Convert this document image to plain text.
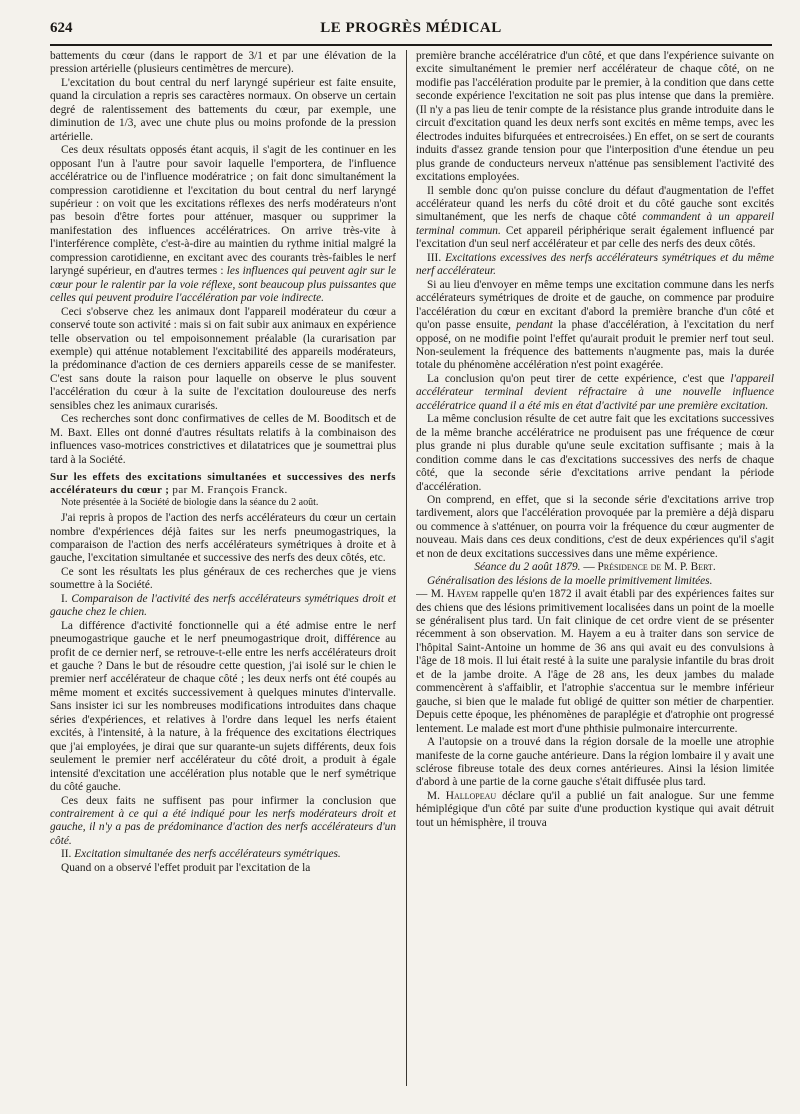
624	LE PROGRÈS MÉDICAL

battements du cœur (dans le rapport de 3/1 et par une élévation de la pression artérielle (plusieurs centimètres de mercure).

L'excitation du bout central du nerf laryngé supérieur est faite ensuite, quand la circulation a repris ses caractères normaux. On observe un certain degré de ralentissement des battements du cœur, par exemple, une diminution de 1/3, avec une chute plus ou moins profonde de la pression artérielle.

Ces deux résultats opposés étant acquis, il s'agit de les continuer en les opposant l'un à l'autre pour savoir laquelle l'emportera, de l'influence accélératrice ou de l'influence modératrice ; on fait donc simultanément la compression carotidienne et l'excitation du bout central du nerf laryngé supérieur : on voit que les excitations réflexes des nerfs modérateurs n'ont pas besoin d'être fortes pour atténuer, masquer ou supprimer la manifestation des influences accélératrices. On arrive très-vite à l'interférence complète, c'est-à-dire au maintien du rythme initial malgré la compression carotidienne, en excitant avec des courants très-faibles le nerf laryngé supérieur, en d'autres termes : les influences qui peuvent agir sur le cœur pour le ralentir par la voie réflexe, sont beaucoup plus puissantes que celles qui peuvent produire l'accélération par voie indirecte.

Ceci s'observe chez les animaux dont l'appareil modérateur du cœur a conservé toute son activité : mais si on fait subir aux animaux en expérience telle observation ou tel empoisonnement préalable (la curarisation par exemple) qui atténue notablement l'excitabilité des appareils modérateurs, la prédominance d'action de ces derniers appareils cesse de se manifester. C'est sans doute la raison pour laquelle on observe le plus souvent l'accélération du cœur à la suite de l'excitation douloureuse des nerfs sensibles chez les animaux curarisés.

Ces recherches sont donc confirmatives de celles de M. Booditsch et de M. Baxt. Elles ont donné d'autres résultats relatifs à la combinaison des influences vaso-motrices constrictives et dilatatrices que je soumettrai plus tard à la Société.

Sur les effets des excitations simultanées et successives des nerfs accélérateurs du cœur ; par M. François Franck.

Note présentée à la Société de biologie dans la séance du 2 août.

J'ai repris à propos de l'action des nerfs accélérateurs du cœur un certain nombre d'expériences déjà faites sur les nerfs pneumogastriques, la comparaison de l'action des nerfs accélérateurs symétriques à droite et à gauche, l'excitation simultanée et successive des nerfs des deux côtés, etc.

Ce sont les résultats les plus généraux de ces recherches que je viens soumettre à la Société.

I. Comparaison de l'activité des nerfs accélérateurs symétriques droit et gauche chez le chien.

La différence d'activité fonctionnelle qui a été admise entre le nerf pneumogastrique gauche et le nerf pneumogastrique droit, différence au profit de ce dernier nerf, se retrouve-t-elle entre les nerfs accélérateurs droit et gauche ? Dans le but de résoudre cette question, j'ai isolé sur le chien le premier nerf accélérateur de chaque côté ; les deux nerfs ont été coupés au même moment et excités successivement à quelques minutes d'intervalle. Sans insister ici sur les nombreuses modifications introduites dans chaque séries d'expériences, et relatives à l'ordre dans lequel les nerfs étaient excités, à l'intensité, à la nature, à la fréquence des excitations électriques que j'ai employées, je dirai que sur quarante-un sujets différents, deux fois seulement le premier nerf accélérateur du côté droit, a produit à égale intensité d'excitation une accélération plus notable que le nerf symétrique du côté gauche.

Ces deux faits ne suffisent pas pour infirmer la conclusion que contrairement à ce qui a été indiqué pour les nerfs modérateurs droit et gauche, il n'y a pas de prédominance d'action des nerfs accélérateurs d'un côté.

II. Excitation simultanée des nerfs accélérateurs symétriques.

Quand on a observé l'effet produit par l'excitation de la

première branche accélératrice d'un côté, et que dans l'expérience suivante on excite simultanément le premier nerf accélérateur de chaque côté, on ne modifie pas l'accélération produite par le premier, à la condition que dans cette seconde expérience l'excitation ne soit pas plus intense que dans la première. (Il n'y a pas lieu de tenir compte de la résistance plus grande introduite dans le circuit d'excitation quand les deux nerfs sont excités en même temps, avec les électrodes induites bifurquées et entrecroisées.) En effet, on se sert de courants induits d'assez grande tension pour que l'interposition d'une étendue un peu plus grande de conducteurs nerveux n'atténue pas sensiblement l'activité des excitations employées.

Il semble donc qu'on puisse conclure du défaut d'augmentation de l'effet accélérateur quand les nerfs du côté droit et du côté gauche sont excités simultanément, que les nerfs de chaque côté commandent à un appareil terminal commun. Cet appareil périphérique serait également influencé par l'excitation d'un seul nerf accélérateur et par celle des nerfs des deux côtés.

III. Excitations excessives des nerfs accélérateurs symétriques et du même nerf accélérateur.

Si au lieu d'envoyer en même temps une excitation commune dans les nerfs accélérateurs symétriques de droite et de gauche, on commence par produire l'accélération du cœur en excitant d'abord la première branche d'un côté et qu'on passe ensuite, pendant la phase d'accélération, à l'excitation du nerf opposé, on ne modifie point l'effet qu'aurait produit le premier nerf tout seul. Non-seulement la fréquence des battements n'augmente pas, mais la durée totale du phénomène accélération n'est point exagérée.

La conclusion qu'on peut tirer de cette expérience, c'est que l'appareil accélérateur terminal devient réfractaire à une nouvelle influence accélératrice quand il a été mis en état d'activité par une première excitation.

La même conclusion résulte de cet autre fait que les excitations successives de la même branche accélératrice ne produisent pas une fréquence de cœur plus grande ni plus durable qu'une seule excitation suffisante ; mais à la condition comme dans le cas d'excitations successives des nerfs de chaque côté, que la seconde série d'excitations arrive pendant la période d'accélération.

On comprend, en effet, que si la seconde série d'excitations arrive trop tardivement, alors que l'accélération provoquée par la première a déjà disparu ou commence à s'atténuer, on pourra voir la fréquence du cœur augmenter de nouveau. Mais dans ces deux conditions, c'est de deux expériences qu'il s'agit et non de deux excitations successives dans une même expérience.

Séance du 2 août 1879. — Présidence de M. P. Bert.

Généralisation des lésions de la moelle primitivement limitées.

— M. Hayem rappelle qu'en 1872 il avait établi par des expériences faites sur des chiens que des lésions primitivement localisées dans un point de la moelle se généralisent plus tard. Un fait clinique de cet ordre vient de se présenter récemment à son observation. M. Hayem a eu à traiter dans son service de l'hôpital Saint-Antoine un homme de 36 ans qui avait eu des convulsions à l'âge de 18 mois. Il lui était resté à la suite une paralysie infantile du bras droit et de la jambe droite. A l'âge de 28 ans, les deux jambes du malade commencèrent à s'affaiblir, et l'atrophie s'accentua sur le membre inférieur gauche, si bien que le malade fut obligé de quitter son métier de charpentier. Depuis cette époque, les phénomènes de paraplégie et d'atrophie ont progressé lentement. Le malade est mort d'une phthisie pulmonaire intercurrente.

A l'autopsie on a trouvé dans la région dorsale de la moelle une atrophie manifeste de la corne gauche antérieure. Dans la région lombaire il y avait une sclérose fibreuse totale des deux cornes antérieures. Ainsi la lésion limitée d'abord à une partie de la corne gauche s'était diffusée plus tard.

M. Hallopeau déclare qu'il a publié un fait analogue. Sur une femme hémiplégique d'un côté par suite d'une production kystique qui avait détruit tout un hémisphère, il trouva
